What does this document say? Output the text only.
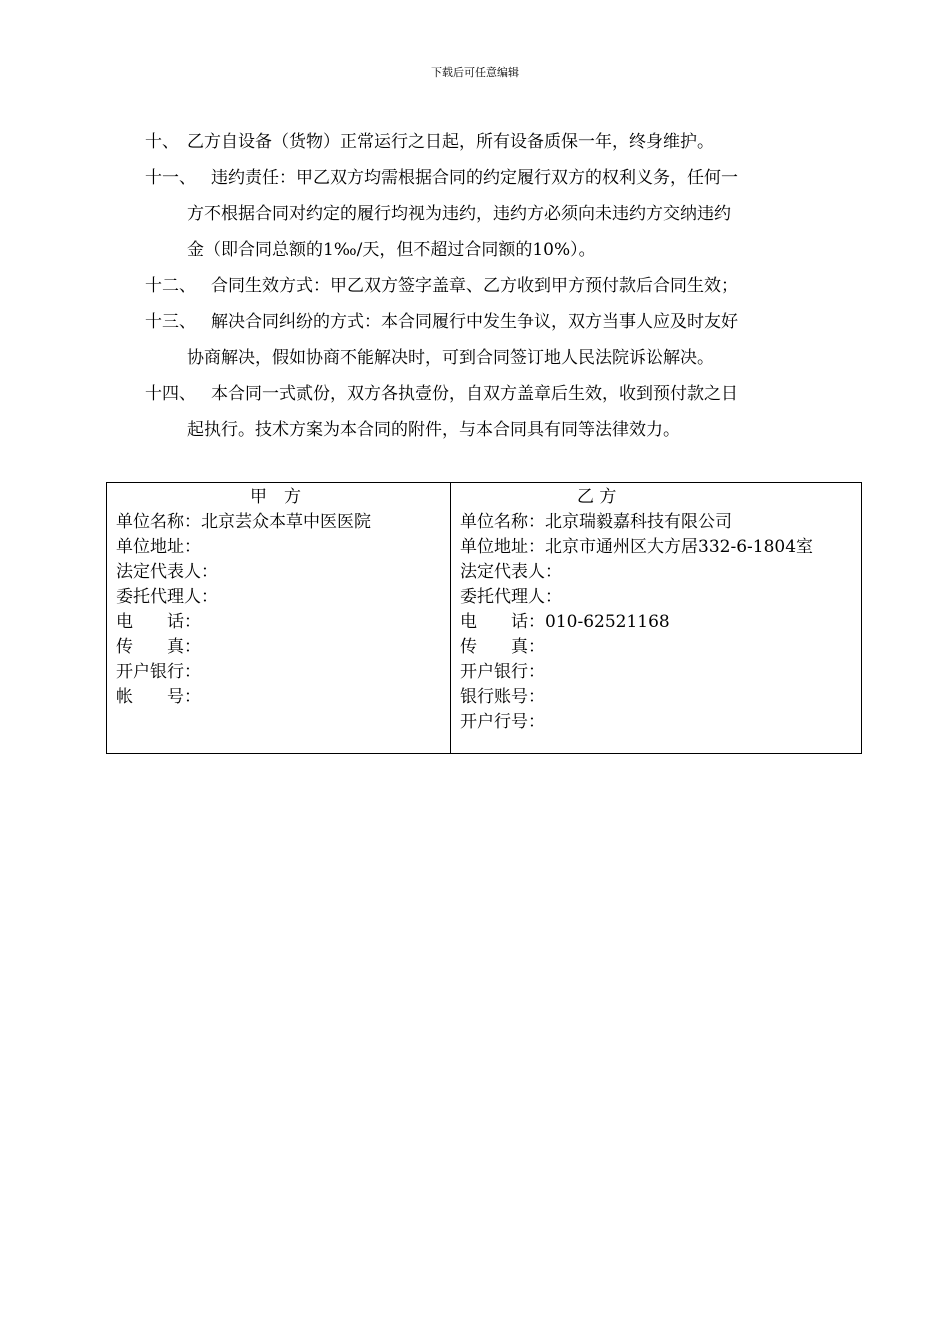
下载后可任意编辑
十、 乙方自设备（货物）正常运行之日起，所有设备质保一年，终身维护。
十一、 违约责任：甲乙双方均需根据合同的约定履行双方的权利义务，任何一
方不根据合同对约定的履行均视为违约，违约方必须向未违约方交纳违约
金（即合同总额的1‰/天，但不超过合同额的10%）。
十二、 合同生效方式：甲乙双方签字盖章、乙方收到甲方预付款后合同生效；
十三、 解决合同纠纷的方式：本合同履行中发生争议，双方当事人应及时友好
协商解决，假如协商不能解决时，可到合同签订地人民法院诉讼解决。
十四、 本合同一式贰份，双方各执壹份，自双方盖章后生效，收到预付款之日
起执行。技术方案为本合同的附件，与本合同具有同等法律效力。
甲　方
单位名称：北京芸众本草中医医院
单位地址：
法定代表人：
委托代理人：
电　　话：
传　　真：
开户银行：
帐　　号：
乙 方
单位名称：北京瑞毅嘉科技有限公司
单位地址：北京市通州区大方居332-6-1804室
法定代表人：
委托代理人：
电　　话：010-62521168
传　　真：
开户银行：
银行账号：
开户行号：
